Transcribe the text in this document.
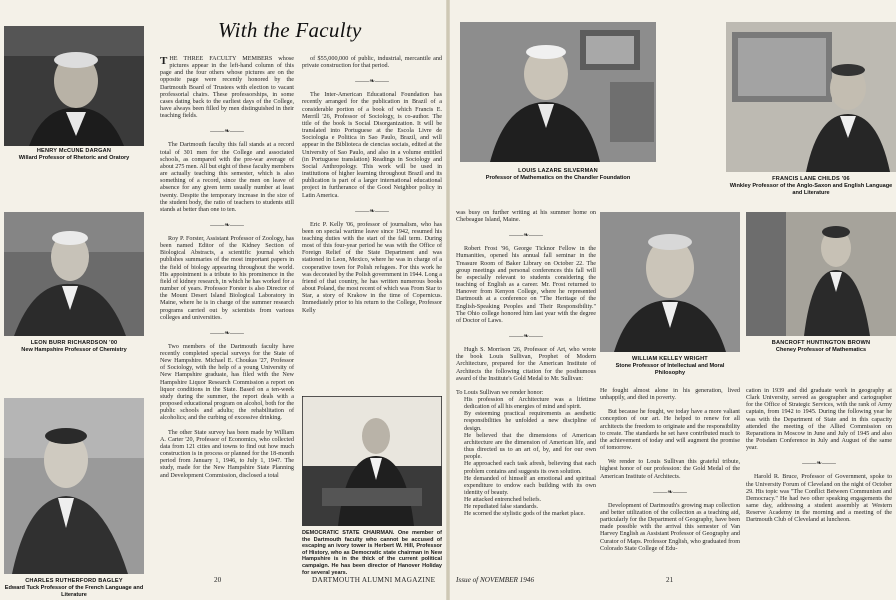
With the Faculty
HENRY McCUNE DARGAN
Willard Professor of Rhetoric and Oratory
LEON BURR RICHARDSON '00
New Hampshire Professor of Chemistry
CHARLES RUTHERFORD BAGLEY
Edward Tuck Professor of the French Language and Literature

THE THREE FACULTY MEMBERS whose pictures appear in the left-hand column of this page and the four others whose pictures are on the opposite page were recently honored by the Dartmouth Board of Trustees with election to vacant professorial chairs. These professorships, in some cases dating back to the earliest days of the College, have always been filled by men distinguished in their teaching fields.

——❧——

The Dartmouth faculty this fall stands at a record total of 301 men for the College and associated schools, as compared with the pre-war average of about 275 men. All but eight of these faculty members are actually teaching this semester, which is also something of a record, since the men on leave of absence for any given term usually number at least twenty. Despite the temporary increase in the size of the student body, the ratio of teachers to students still stands at better than one to ten.

——❧——

Roy P. Forster, Assistant Professor of Zoology, has been named Editor of the Kidney Section of Biological Abstracts, a scientific journal which publishes summaries of the most important papers in the field of biology appearing throughout the world. His appointment is a tribute to his prominence in the field of kidney research, in which he has worked for a number of years. Professor Forster is also Director of the Mount Desert Island Biological Laboratory in Maine, where he is in charge of the summer research programs carried out by scientists from various colleges and universities.

——❧——

Two members of the Dartmouth faculty have recently completed special surveys for the State of New Hampshire. Michael E. Choukas '27, Professor of Sociology, with the help of a young University of New Hampshire graduate, has filed with the New Hampshire Liquor Research Commission a report on liquor conditions in the State. Based on a ten-week study during the summer, the report deals with a proposed educational program on alcohol, both for the public schools and adults; the rehabilitation of alcoholics; and the curbing of excessive drinking.

The other State survey has been made by William A. Carter '20, Professor of Economics, who collected data from 121 cities and towns to find out how much construction is in process or planned for the 18-month period from January 1, 1946, to July 1, 1947. The study, made for the New Hampshire State Planning and Development Commission, disclosed a total

of $55,000,000 of public, industrial, mercantile and private construction for that period.

——❧——

The Inter-American Educational Foundation has recently arranged for the publication in Brazil of a considerable portion of a book of which Francis E. Merrill '26, Professor of Sociology, is co-author. The title of the book is Social Disorganization. It will be translated into Portuguese at the Escola Livre de Sociologia e Politica in Sao Paulo, Brazil, and will appear in the Biblioteca de ciencias sociais, edited at the University of Sao Paulo, and also in a volume entitled (in Portuguese translation) Readings in Sociology and Social Anthropology. This work will be used in institutions of higher learning throughout Brazil and its publication is part of a larger international educational project in furtherance of the Good Neighbor policy in Latin America.

——❧——

Eric P. Kelly '06, professor of journalism, who has been on special wartime leave since 1942, resumed his teaching duties with the start of the fall term. During most of this four-year period he was with the Office of Foreign Relief of the State Department and was stationed in Leon, Mexico, where he was in charge of a cooperative town for Polish refugees. For this work he was decorated by the Polish government in 1944. Long a friend of that country, he has written numerous books about Poland, the most recent of which was From Star to Star, a story of Krakow in the time of Copernicus. Immediately prior to his return to the College, Professor Kelly

DEMOCRATIC STATE CHAIRMAN. One member of the Dartmouth faculty who cannot be accused of escaping an ivory tower is Herbert W. Hill, Professor of History, who as Democratic state chairman in New Hampshire is in the thick of the current political campaign. He has been director of Hanover Holiday for several years.
20	DARTMOUTH ALUMNI MAGAZINE
LOUIS LAZARE SILVERMAN
Professor of Mathematics on the Chandler Foundation	FRANCIS LANE CHILDS '06
Winkley Professor of the Anglo-Saxon and English Language and Literature

was busy on further writing at his summer home on Chebeague Island, Maine.

——❧——

Robert Frost '96, George Ticknor Fellow in the Humanities, opened his annual fall seminar in the Treasure Room of Baker Library on October 22. The group meetings and personal conferences this fall will be especially relevant to students considering the teaching of English as a career. Mr. Frost returned to Hanover from Kenyon College, where he represented Dartmouth at a conference on "The Heritage of the English-Speaking Peoples and Their Responsibility." The Ohio college honored him last year with the degree of Doctor of Laws.

——❧——

Hugh S. Morrison '26, Professor of Art, who wrote the book Louis Sullivan, Prophet of Modern Architecture, prepared for the American Institute of Architects the following citation for the posthumous award of the Institute's Gold Medal to Mr. Sullivan:

To Louis Sullivan we render honor:

His profession of Architecture was a lifetime dedication of all his energies of mind and spirit.

By esteeming practical requirements as aesthetic responsibilities he unfolded a new discipline of design.

He believed that the dimensions of American architecture are the dimension of American life, and thus directed us to an art of, by, and for our own people.

He approached each task afresh, believing that each problem contains and suggests its own solution.

He demanded of himself an emotional and spiritual expenditure to endow each building with its own identity of beauty.

He attacked entrenched beliefs.

He repudiated false standards.

He scorned the stylistic gods of the market place.

WILLIAM KELLEY WRIGHT
Stone Professor of Intellectual and Moral Philosophy
BANCROFT HUNTINGTON BROWN
Cheney Professor of Mathematics

He fought almost alone in his generation, lived unhappily, and died in poverty.

But because he fought, we today have a more valiant conception of our art. He helped to renew for all architects the freedom to originate and the responsibility to create. The standards he set have contributed much to the achievement of today and will augment the promise of tomorrow.

We render to Louis Sullivan this grateful tribute, highest honor of our profession: the Gold Medal of the American Institute of Architects.

——❧——

Development of Dartmouth's growing map collection and better utilization of the collection as a teaching aid, particularly for the Department of Geography, have been made possible with the arrival this semester of Van Harvey English as Assistant Professor of Geography and Curator of Maps. Professor English, who graduated from Colorado State College of Edu-

cation in 1939 and did graduate work in geography at Clark University, served as geographer and cartographer for the Office of Strategic Services, with the rank of Army captain, from 1942 to 1945. During the following year he was with the Department of State and in this capacity attended the meeting of the Allied Commission on Reparations in Moscow in June and July of 1945 and also the Potsdam Conference in July and August of the same year.

——❧——

Harold R. Bruce, Professor of Government, spoke to the University Forum of Cleveland on the night of October 29. His topic was "The Conflict Between Communism and Democracy." He had two other speaking engagements the same day, addressing a student assembly at Western Reserve Academy in the morning and a meeting of the Dartmouth Club of Cleveland at luncheon.

Issue of NOVEMBER 1946	21
